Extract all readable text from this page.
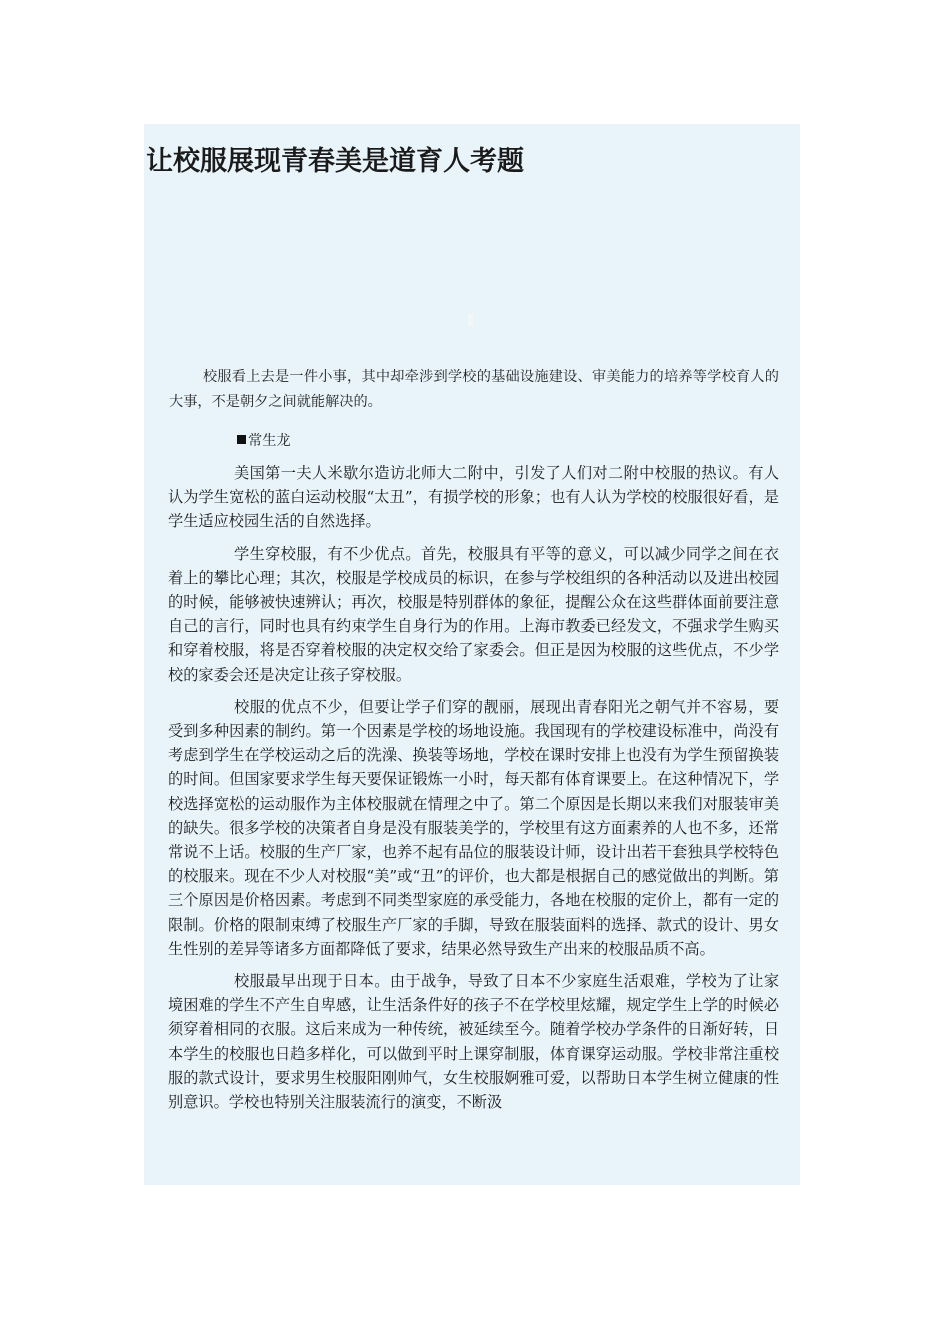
让校服展现青春美是道育人考题

校服看上去是一件小事，其中却牵涉到学校的基础设施建设、审美能力的培养等学校育人的大事，不是朝夕之间就能解决的。

常生龙

美国第一夫人米歇尔造访北师大二附中，引发了人们对二附中校服的热议。有人认为学生宽松的蓝白运动校服“太丑”，有损学校的形象；也有人认为学校的校服很好看，是学生适应校园生活的自然选择。

学生穿校服，有不少优点。首先，校服具有平等的意义，可以减少同学之间在衣着上的攀比心理；其次，校服是学校成员的标识，在参与学校组织的各种活动以及进出校园的时候，能够被快速辨认；再次，校服是特别群体的象征，提醒公众在这些群体面前要注意自己的言行，同时也具有约束学生自身行为的作用。上海市教委已经发文，不强求学生购买和穿着校服，将是否穿着校服的决定权交给了家委会。但正是因为校服的这些优点，不少学校的家委会还是决定让孩子穿校服。

校服的优点不少，但要让学子们穿的靓丽，展现出青春阳光之朝气并不容易，要受到多种因素的制约。第一个因素是学校的场地设施。我国现有的学校建设标准中，尚没有考虑到学生在学校运动之后的洗澡、换装等场地，学校在课时安排上也没有为学生预留换装的时间。但国家要求学生每天要保证锻炼一小时，每天都有体育课要上。在这种情况下，学校选择宽松的运动服作为主体校服就在情理之中了。第二个原因是长期以来我们对服装审美的缺失。很多学校的决策者自身是没有服装美学的，学校里有这方面素养的人也不多，还常常说不上话。校服的生产厂家，也养不起有品位的服装设计师，设计出若干套独具学校特色的校服来。现在不少人对校服“美”或“丑”的评价，也大都是根据自己的感觉做出的判断。第三个原因是价格因素。考虑到不同类型家庭的承受能力，各地在校服的定价上，都有一定的限制。价格的限制束缚了校服生产厂家的手脚，导致在服装面料的选择、款式的设计、男女生性别的差异等诸多方面都降低了要求，结果必然导致生产出来的校服品质不高。

校服最早出现于日本。由于战争，导致了日本不少家庭生活艰难，学校为了让家境困难的学生不产生自卑感，让生活条件好的孩子不在学校里炫耀，规定学生上学的时候必须穿着相同的衣服。这后来成为一种传统，被延续至今。随着学校办学条件的日渐好转，日本学生的校服也日趋多样化，可以做到平时上课穿制服，体育课穿运动服。学校非常注重校服的款式设计，要求男生校服阳刚帅气，女生校服婀雅可爱，以帮助日本学生树立健康的性别意识。学校也特别关注服装流行的演变，不断汲
